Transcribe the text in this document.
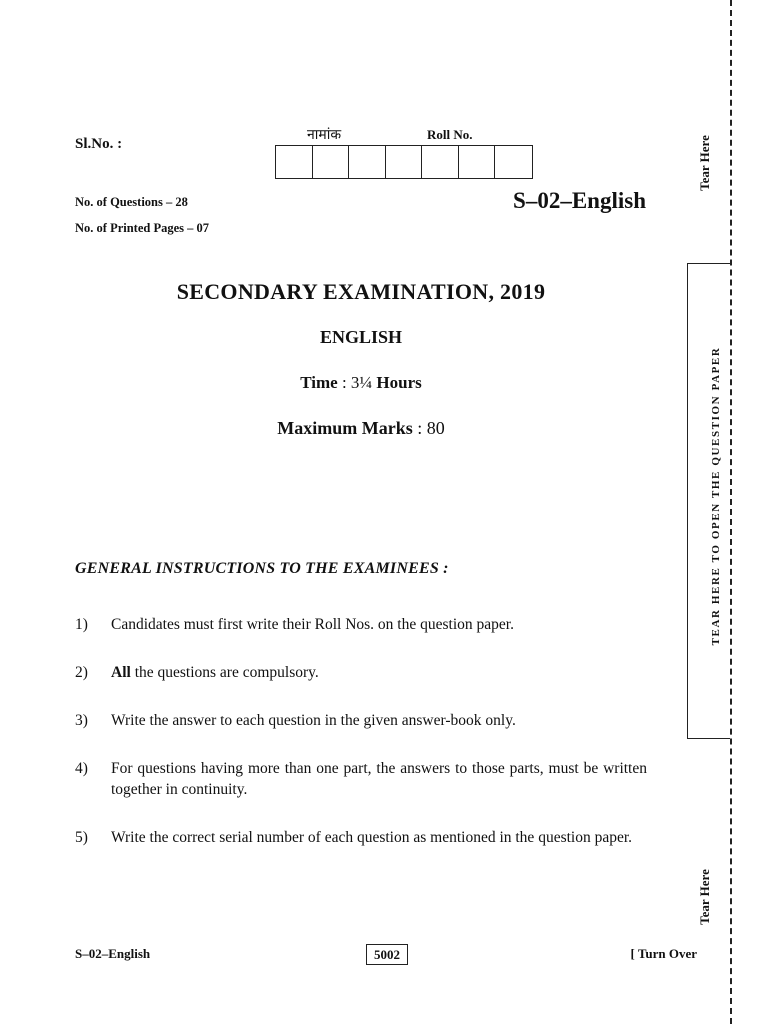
Sl.No. :
नामांक	Roll No.
S–02–English
No. of Questions – 28
No. of Printed Pages – 07
SECONDARY EXAMINATION, 2019
ENGLISH
Time : 3¼ Hours
Maximum Marks : 80
GENERAL INSTRUCTIONS TO THE EXAMINEES :
1)	Candidates must first write their Roll Nos. on the question paper.
2)	All the questions are compulsory.
3)	Write the answer to each question in the given answer-book only.
4)	For questions having more than one part, the answers to those parts, must be written together in continuity.
5)	Write the correct serial number of each question as mentioned in the question paper.
S–02–English	5002	[ Turn Over
Tear Here
TEAR HERE TO OPEN THE QUESTION PAPER
Tear Here
